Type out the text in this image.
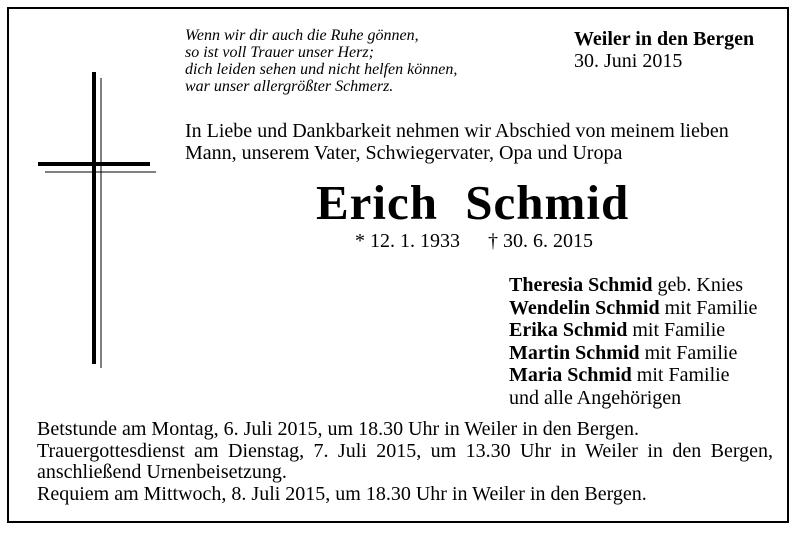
Wenn wir dir auch die Ruhe gönnen,
so ist voll Trauer unser Herz;
dich leiden sehen und nicht helfen können,
war unser allergrößter Schmerz.
Weiler in den Bergen
30. Juni 2015
In Liebe und Dankbarkeit nehmen wir Abschied von meinem lieben
Mann, unserem Vater, Schwiegervater, Opa und Uropa
Erich Schmid
* 12. 1. 1933 † 30. 6. 2015
Theresia Schmid geb. Knies
Wendelin Schmid mit Familie
Erika Schmid mit Familie
Martin Schmid mit Familie
Maria Schmid mit Familie
und alle Angehörigen
Betstunde am Montag, 6. Juli 2015, um 18.30 Uhr in Weiler in den Bergen.
Trauergottesdienst am Dienstag, 7. Juli 2015, um 13.30 Uhr in Weiler in den Bergen,
anschließend Urnenbeisetzung.
Requiem am Mittwoch, 8. Juli 2015, um 18.30 Uhr in Weiler in den Bergen.
